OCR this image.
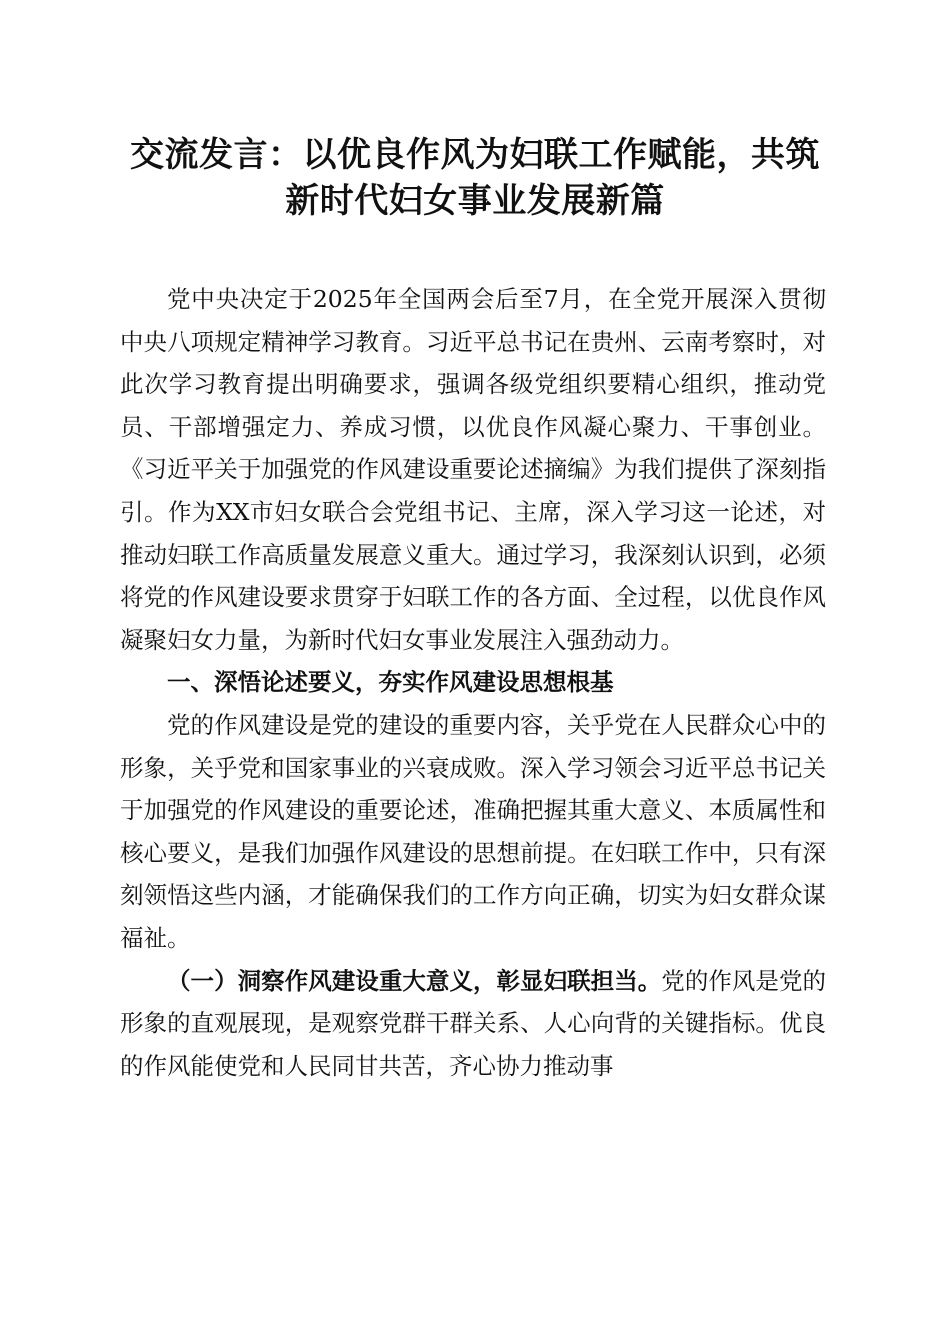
交流发言：以优良作风为妇联工作赋能，共筑
新时代妇女事业发展新篇

党中央决定于2025年全国两会后至7月，在全党开展深入贯彻中央八项规定精神学习教育。习近平总书记在贵州、云南考察时，对此次学习教育提出明确要求，强调各级党组织要精心组织，推动党员、干部增强定力、养成习惯，以优良作风凝心聚力、干事创业。《习近平关于加强党的作风建设重要论述摘编》为我们提供了深刻指引。作为XX市妇女联合会党组书记、主席，深入学习这一论述，对推动妇联工作高质量发展意义重大。通过学习，我深刻认识到，必须将党的作风建设要求贯穿于妇联工作的各方面、全过程，以优良作风凝聚妇女力量，为新时代妇女事业发展注入强劲动力。

一、深悟论述要义，夯实作风建设思想根基

党的作风建设是党的建设的重要内容，关乎党在人民群众心中的形象，关乎党和国家事业的兴衰成败。深入学习领会习近平总书记关于加强党的作风建设的重要论述，准确把握其重大意义、本质属性和核心要义，是我们加强作风建设的思想前提。在妇联工作中，只有深刻领悟这些内涵，才能确保我们的工作方向正确，切实为妇女群众谋福祉。

（一）洞察作风建设重大意义，彰显妇联担当。党的作风是党的形象的直观展现，是观察党群干群关系、人心向背的关键指标。优良的作风能使党和人民同甘共苦，齐心协力推动事
